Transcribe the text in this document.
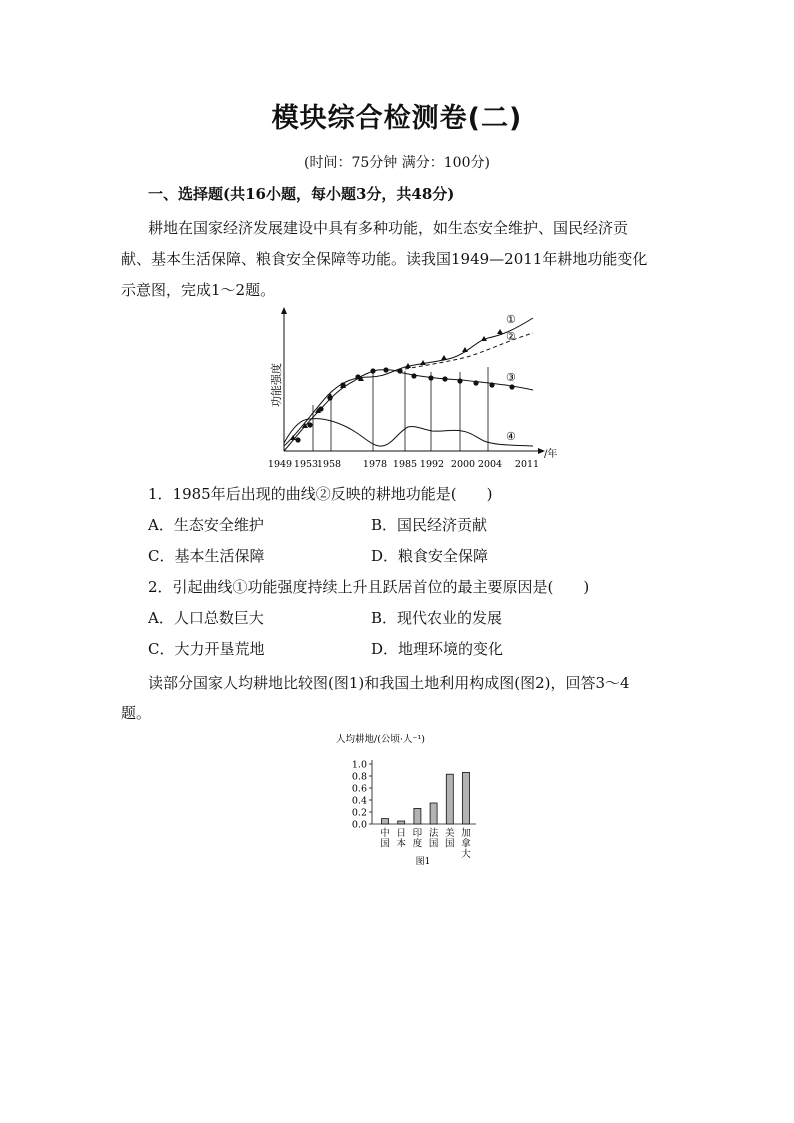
模块综合检测卷(二)
(时间：75分钟 满分：100分)
一、选择题(共16小题，每小题3分，共48分)
耕地在国家经济发展建设中具有多种功能，如生态安全维护、国民经济贡
献、基本生活保障、粮食安全保障等功能。读我国1949—2011年耕地功能变化
示意图，完成1～2题。
功能强度
①
②
③
④
1949 1953
1958 1978 1985 1992 2000 2004 2011
/年
1．1985年后出现的曲线②反映的耕地功能是(　　)
A．生态安全维护	B．国民经济贡献
C．基本生活保障	D．粮食安全保障
2．引起曲线①功能强度持续上升且跃居首位的最主要原因是(　　)
A．人口总数巨大	B．现代农业的发展
C．大力开垦荒地	D．地理环境的变化
读部分国家人均耕地比较图(图1)和我国土地利用构成图(图2)，回答3～4
题。
人均耕地/(公顷·人⁻¹)
0.0
0.2
0.4
0.6
0.8
1.0
中
国
日
本
印
度
法
国
美
国
加
拿
大
图1
